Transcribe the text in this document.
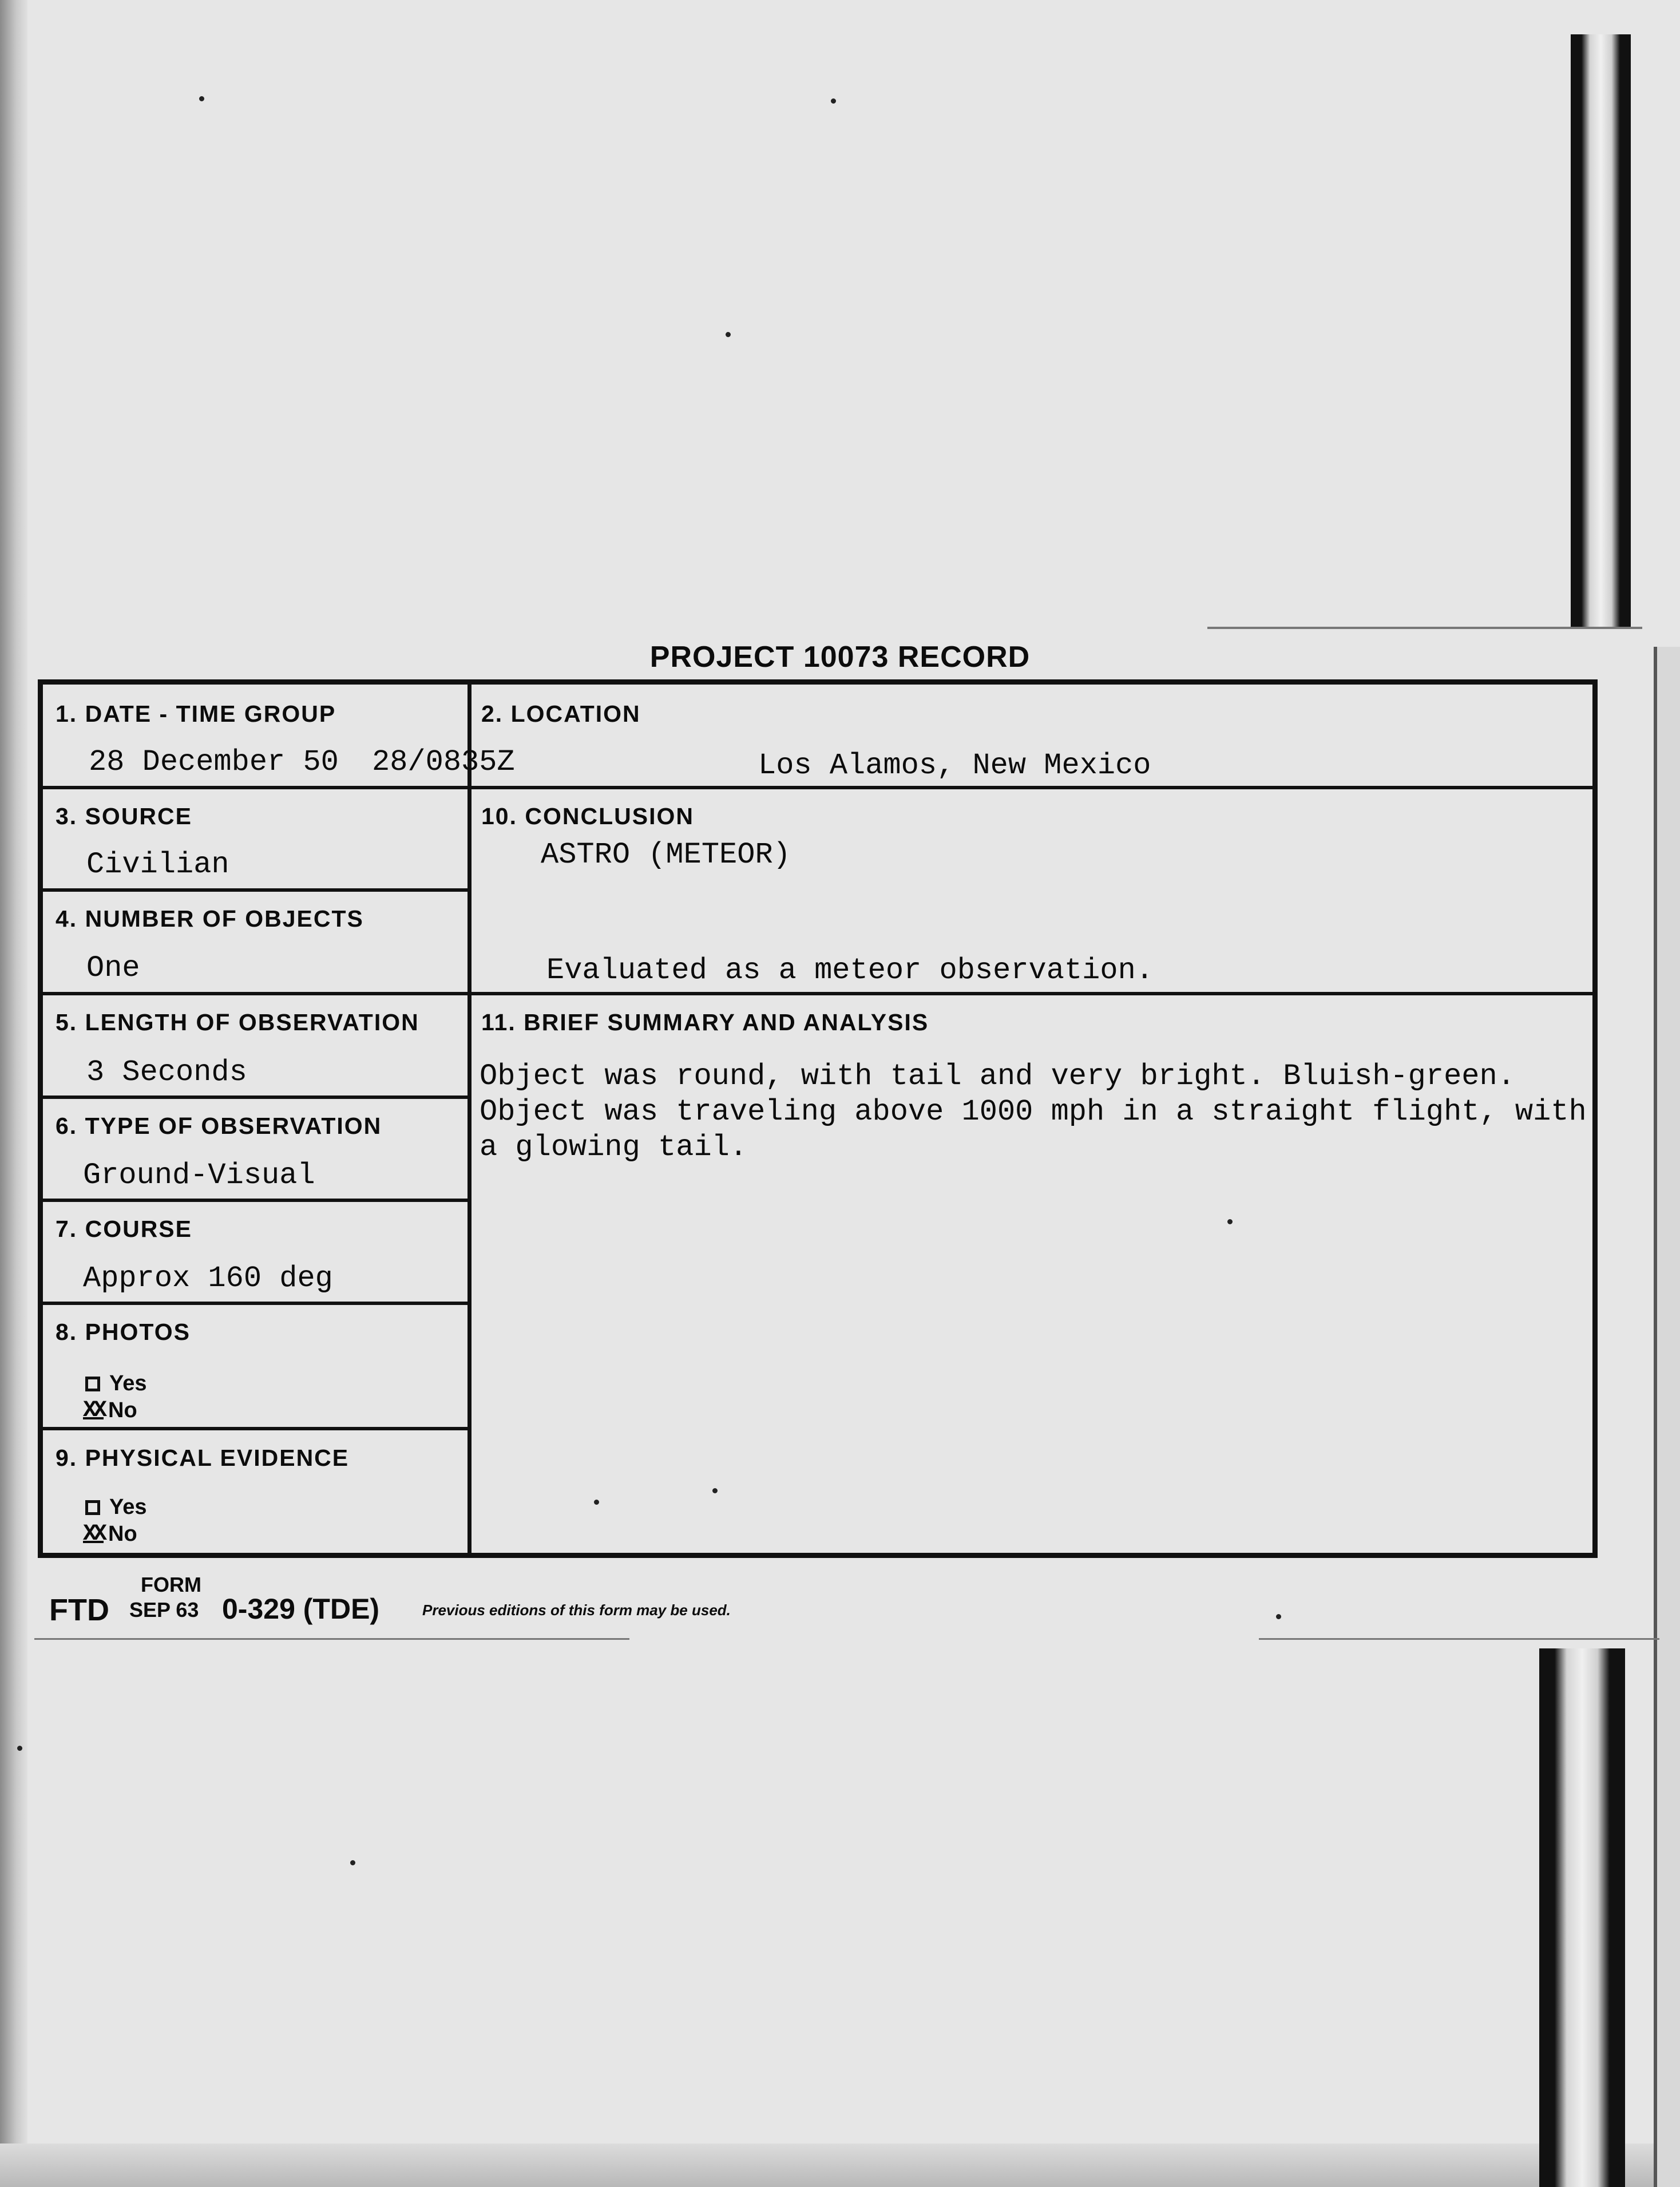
PROJECT 10073 RECORD
1. DATE - TIME GROUP
28 December 50 28/0835Z
2. LOCATION
Los Alamos, New Mexico
3. SOURCE
Civilian
4. NUMBER OF OBJECTS
One
5. LENGTH OF OBSERVATION
3 Seconds
6. TYPE OF OBSERVATION
Ground-Visual
7. COURSE
Approx 160 deg
8. PHOTOS
Yes
XX No
9. PHYSICAL EVIDENCE
Yes
XX No
10. CONCLUSION
ASTRO (METEOR)
Evaluated as a meteor observation.
11. BRIEF SUMMARY AND ANALYSIS
Object was round, with tail and very bright. Bluish-green.
Object was traveling above 1000 mph in a straight flight, with
a glowing tail.
FORM
FTD SEP 63 0-329 (TDE)	Previous editions of this form may be used.
